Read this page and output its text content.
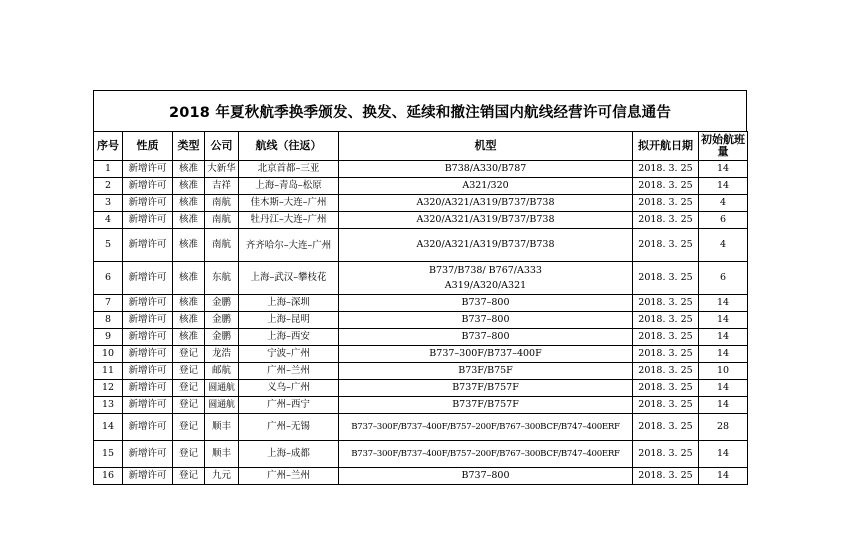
2018 年夏秋航季换季颁发、换发、延续和撤注销国内航线经营许可信息通告
序号	性质	类型	公司	航线（往返）	机型	拟开航日期	初始航班量
1	新增许可	核准	大新华	北京首都–三亚	B738/A330/B787	2018. 3. 25	14
2	新增许可	核准	吉祥	上海–青岛–松原	A321/320	2018. 3. 25	14
3	新增许可	核准	南航	佳木斯–大连–广州	A320/A321/A319/B737/B738	2018. 3. 25	4
4	新增许可	核准	南航	牡丹江–大连–广州	A320/A321/A319/B737/B738	2018. 3. 25	6
5	新增许可	核准	南航	齐齐哈尔–大连–广州	A320/A321/A319/B737/B738	2018. 3. 25	4
6	新增许可	核准	东航	上海–武汉–攀枝花	B737/B738/ B767/A333
A319/A320/A321	2018. 3. 25	6
7	新增许可	核准	金鹏	上海–深圳	B737–800	2018. 3. 25	14
8	新增许可	核准	金鹏	上海–昆明	B737–800	2018. 3. 25	14
9	新增许可	核准	金鹏	上海–西安	B737–800	2018. 3. 25	14
10	新增许可	登记	龙浩	宁波–广州	B737–300F/B737–400F	2018. 3. 25	14
11	新增许可	登记	邮航	广州–兰州	B73F/B75F	2018. 3. 25	10
12	新增许可	登记	圆通航	义乌–广州	B737F/B757F	2018. 3. 25	14
13	新增许可	登记	圆通航	广州–西宁	B737F/B757F	2018. 3. 25	14
14	新增许可	登记	顺丰	广州–无锡	B737–300F/B737–400F/B757–200F/B767–300BCF/B747–400ERF	2018. 3. 25	28
15	新增许可	登记	顺丰	上海–成都	B737–300F/B737–400F/B757–200F/B767–300BCF/B747–400ERF	2018. 3. 25	14
16	新增许可	登记	九元	广州–兰州	B737–800	2018. 3. 25	14
